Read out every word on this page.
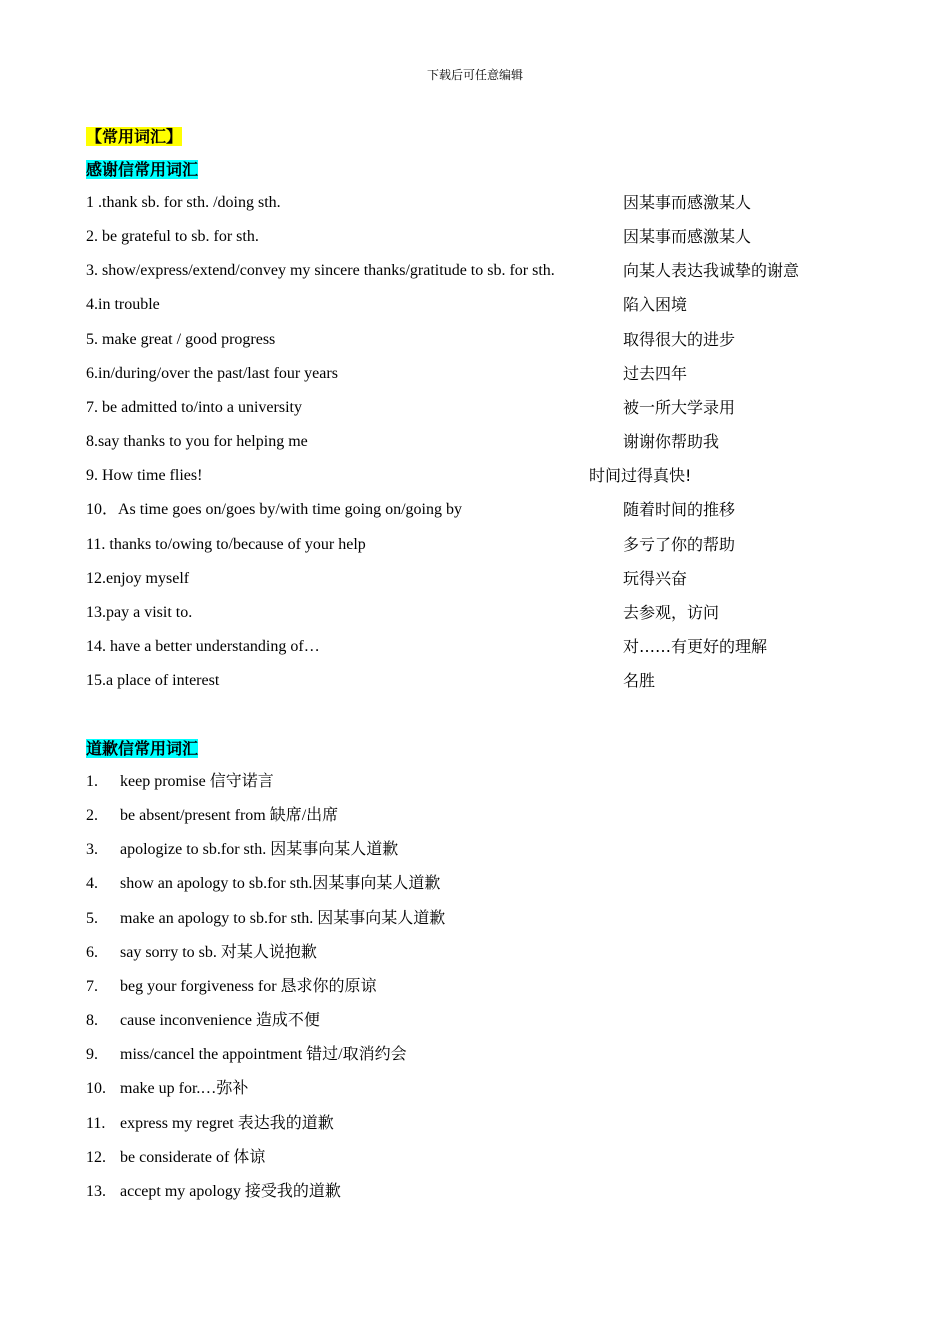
下载后可任意编辑
【常用词汇】
感谢信常用词汇
1 .thank sb. for sth. /doing sth.	因某事而感激某人
2. be grateful to sb. for sth.	因某事而感激某人
3. show/express/extend/convey my sincere thanks/gratitude to sb. for sth.	向某人表达我诚挚的谢意
4.in trouble	陷入困境
5. make great / good progress	取得很大的进步
6.in/during/over the past/last four years	过去四年
7. be admitted to/into a university	被一所大学录用
8.say thanks to you for helping me	谢谢你帮助我
9. How time flies!	时间过得真快!
10．As time goes on/goes by/with time going on/going by	随着时间的推移
11. thanks to/owing to/because of your help	多亏了你的帮助
12.enjoy myself	玩得兴奋
13.pay a visit to.	去参观，访问
14. have a better understanding of…	对……有更好的理解
15.a place of interest	名胜
道歉信常用词汇
1. keep promise 信守诺言
2. be absent/present from 缺席/出席
3. apologize to sb.for sth. 因某事向某人道歉
4. show an apology to sb.for sth.因某事向某人道歉
5. make an apology to sb.for sth. 因某事向某人道歉
6. say sorry to sb. 对某人说抱歉
7. beg your forgiveness for 恳求你的原谅
8. cause inconvenience 造成不便
9. miss/cancel the appointment 错过/取消约会
10. make up for.…弥补
11. express my regret 表达我的道歉
12. be considerate of 体谅
13. accept my apology 接受我的道歉
